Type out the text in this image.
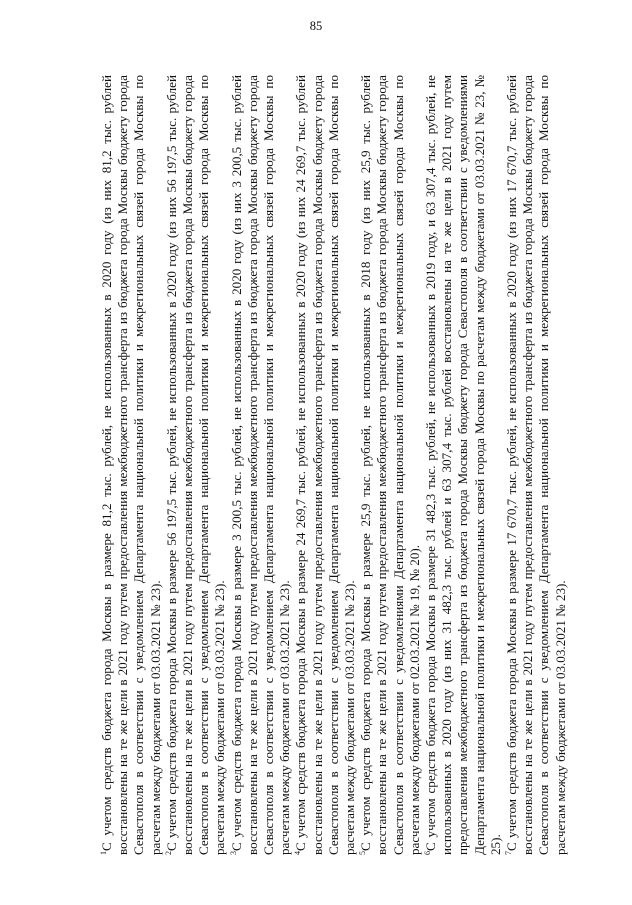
85

$^1$С учетом средств бюджета города Москвы в размере 81,2 тыс. рублей, не использованных в 2020 году (из них 81,2 тыс. рублей восстановлены на те же цели в 2021 году путем предоставления межбюджетного трансферта из бюджета города Москвы бюджету города Севастополя в соответствии с уведомлением Департамента национальной политики и межрегиональных связей города Москвы по расчетам между бюджетами от 03.03.2021 № 23). $^2$С учетом средств бюджета города Москвы в размере 56 197,5 тыс. рублей, не использованных в 2020 году (из них 56 197,5 тыс. рублей восстановлены на те же цели в 2021 году путем предоставления межбюджетного трансферта из бюджета города Москвы бюджету города Севастополя в соответствии с уведомлением Департамента национальной политики и межрегиональных связей города Москвы по расчетам между бюджетами от 03.03.2021 № 23). $^3$С учетом средств бюджета города Москвы в размере 3 200,5 тыс. рублей, не использованных в 2020 году (из них 3 200,5 тыс. рублей восстановлены на те же цели в 2021 году путем предоставления межбюджетного трансферта из бюджета города Москвы бюджету города Севастополя в соответствии с уведомлением Департамента национальной политики и межрегиональных связей города Москвы по расчетам между бюджетами от 03.03.2021 № 23). $^4$С учетом средств бюджета города Москвы в размере 24 269,7 тыс. рублей, не использованных в 2020 году (из них 24 269,7 тыс. рублей восстановлены на те же цели в 2021 году путем предоставления межбюджетного трансферта из бюджета города Москвы бюджету города Севастополя в соответствии с уведомлением Департамента национальной политики и межрегиональных связей города Москвы по расчетам между бюджетами от 03.03.2021 № 23). $^5$С учетом средств бюджета города Москвы в размере 25,9 тыс. рублей, не использованных в 2018 году (из них 25,9 тыс. рублей восстановлены на те же цели в 2021 году путем предоставления межбюджетного трансферта из бюджета города Москвы бюджету города Севастополя в соответствии с уведомлениями Департамента национальной политики и межрегиональных связей города Москвы по расчетам между бюджетами от 02.03.2021 № 19, № 20). $^6$С учетом средств бюджета города Москвы в размере 31 482,3 тыс. рублей, не использованных в 2019 году, и 63 307,4 тыс. рублей, не использованных в 2020 году (из них 31 482,3 тыс. рублей и 63 307,4 тыс. рублей восстановлены на те же цели в 2021 году путем предоставления межбюджетного трансферта из бюджета города Москвы бюджету города Севастополя в соответствии с уведомлениями Департамента национальной политики и межрегиональных связей города Москвы по расчетам между бюджетами от 03.03.2021 № 23, № 25). $^7$С учетом средств бюджета города Москвы в размере 17 670,7 тыс. рублей, не использованных в 2020 году (из них 17 670,7 тыс. рублей восстановлены на те же цели в 2021 году путем предоставления межбюджетного трансферта из бюджета города Москвы бюджету города Севастополя в соответствии с уведомлением Департамента национальной политики и межрегиональных связей города Москвы по расчетам между бюджетами от 03.03.2021 № 23).
